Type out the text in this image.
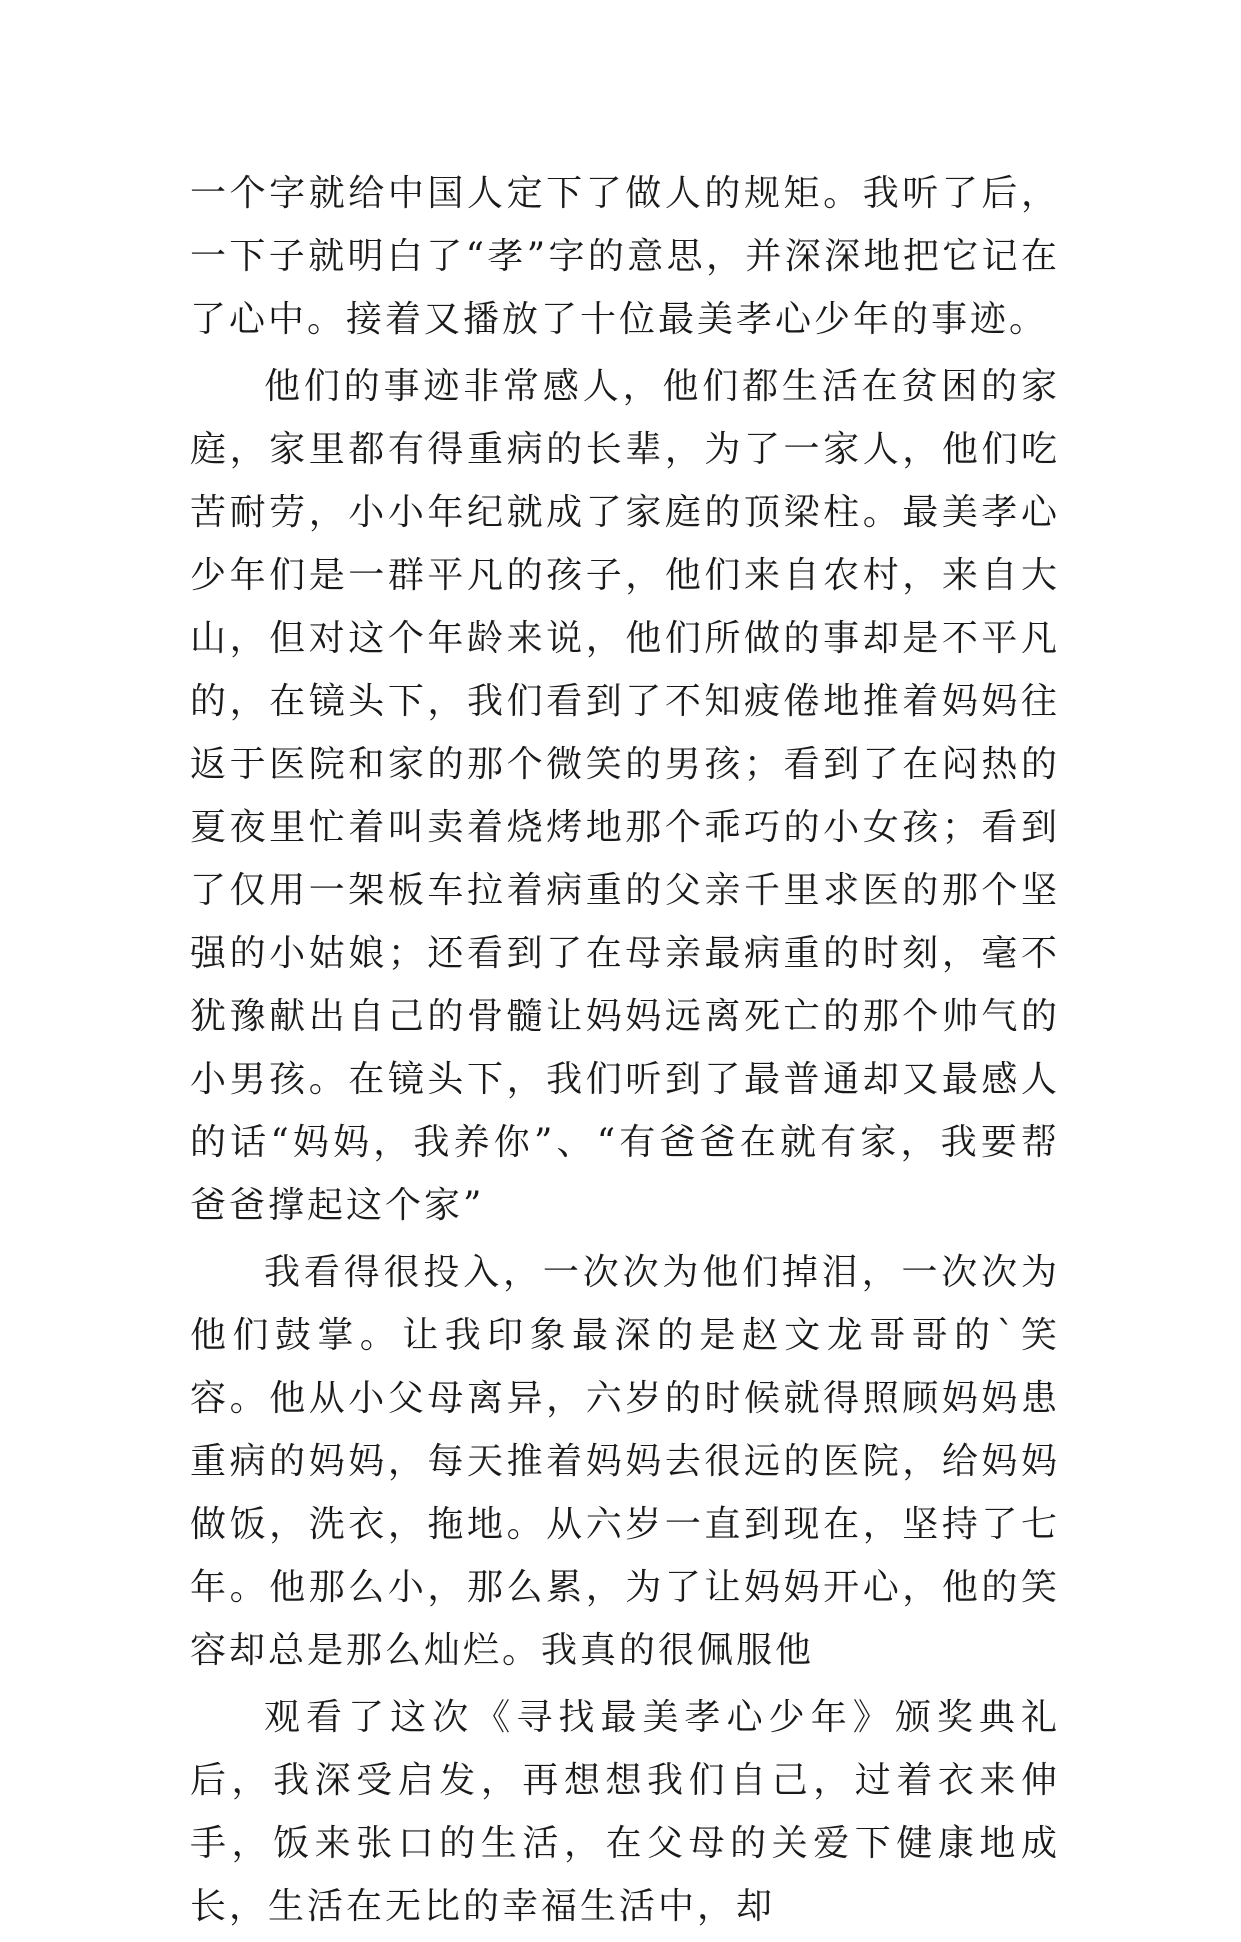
一个字就给中国人定下了做人的规矩。我听了后，一下子就明白了“孝”字的意思，并深深地把它记在了心中。接着又播放了十位最美孝心少年的事迹。

他们的事迹非常感人，他们都生活在贫困的家庭，家里都有得重病的长辈，为了一家人，他们吃苦耐劳，小小年纪就成了家庭的顶梁柱。最美孝心少年们是一群平凡的孩子，他们来自农村，来自大山，但对这个年龄来说，他们所做的事却是不平凡的，在镜头下，我们看到了不知疲倦地推着妈妈往返于医院和家的那个微笑的男孩；看到了在闷热的夏夜里忙着叫卖着烧烤地那个乖巧的小女孩；看到了仅用一架板车拉着病重的父亲千里求医的那个坚强的小姑娘；还看到了在母亲最病重的时刻，毫不犹豫献出自己的骨髓让妈妈远离死亡的那个帅气的小男孩。在镜头下，我们听到了最普通却又最感人的话“妈妈，我养你”、“有爸爸在就有家，我要帮爸爸撑起这个家”

我看得很投入，一次次为他们掉泪，一次次为他们鼓掌。让我印象最深的是赵文龙哥哥的`笑容。他从小父母离异，六岁的时候就得照顾妈妈患重病的妈妈，每天推着妈妈去很远的医院，给妈妈做饭，洗衣，拖地。从六岁一直到现在，坚持了七年。他那么小，那么累，为了让妈妈开心，他的笑容却总是那么灿烂。我真的很佩服他

观看了这次《寻找最美孝心少年》颁奖典礼后，我深受启发，再想想我们自己，过着衣来伸手，饭来张口的生活，在父母的关爱下健康地成长，生活在无比的幸福生活中，却
